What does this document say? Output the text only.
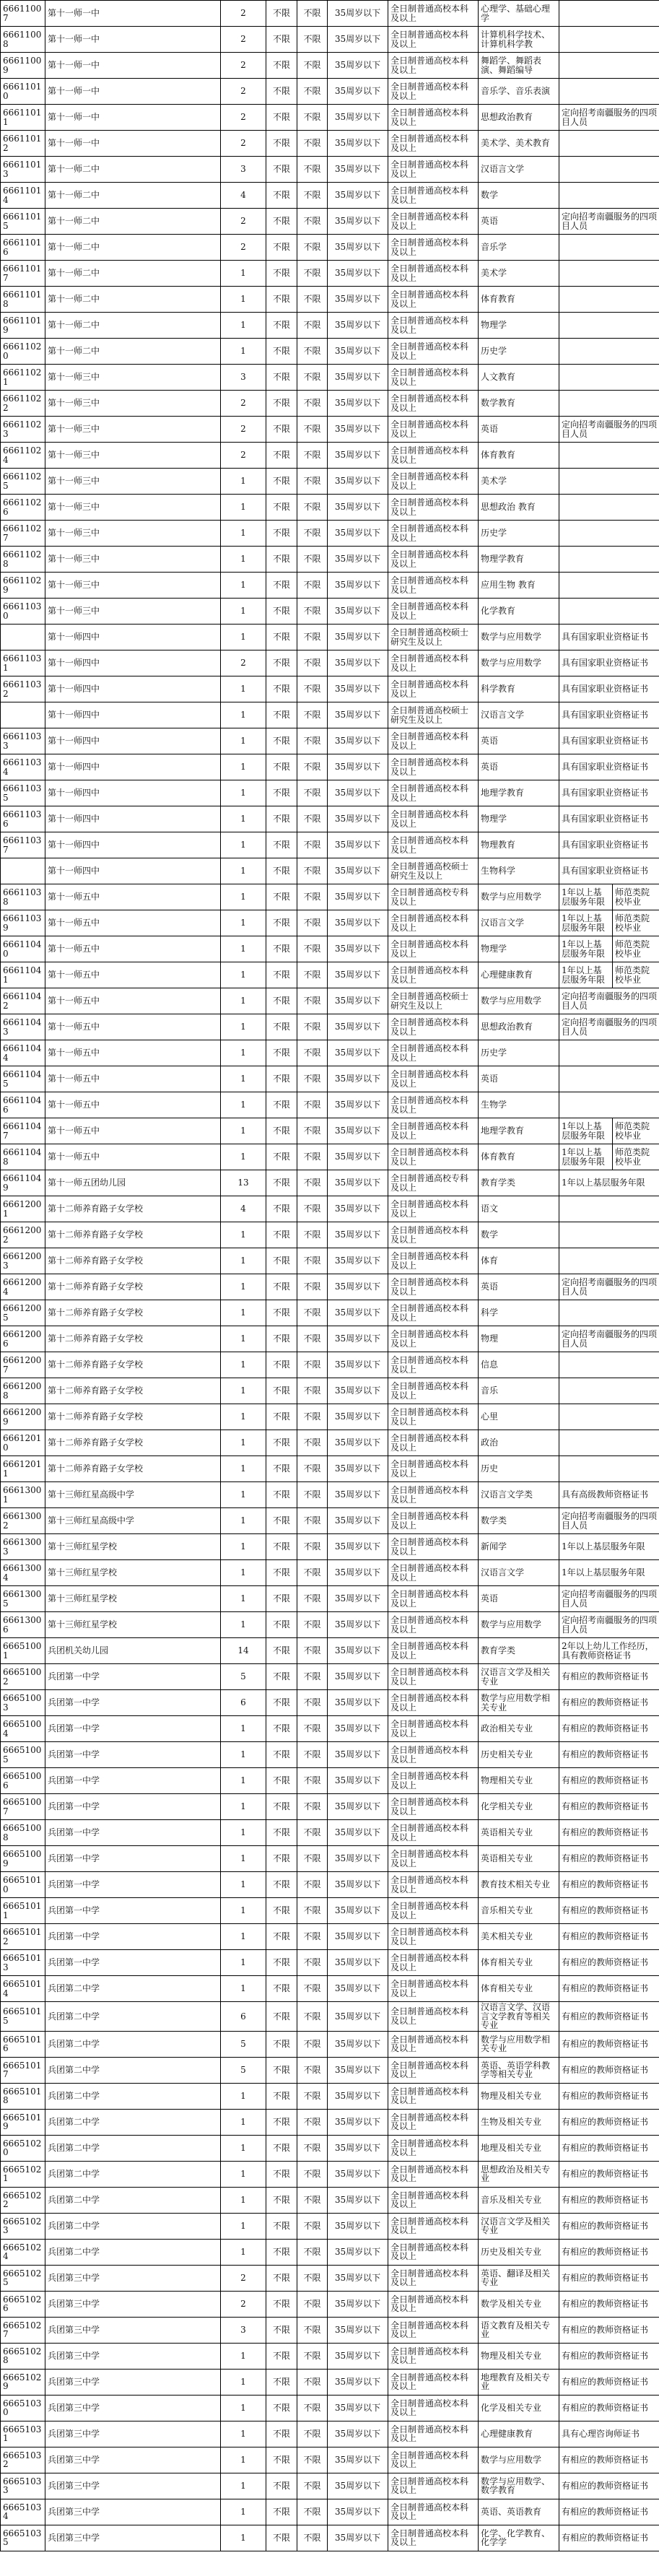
66611007	第十一师一中	2	不限	不限	35周岁以下	全日制普通高校本科及以上	心理学、基础心理学		
66611008	第十一师一中	2	不限	不限	35周岁以下	全日制普通高校本科及以上	计算机科学技术、计算机科学教		
66611009	第十一师一中	2	不限	不限	35周岁以下	全日制普通高校本科及以上	舞蹈学、舞蹈表演、舞蹈编导		
66611010	第十一师一中	2	不限	不限	35周岁以下	全日制普通高校本科及以上	音乐学、音乐表演		
66611011	第十一师一中	2	不限	不限	35周岁以下	全日制普通高校本科及以上	思想政治教育	定向招考南疆服务的四项目人员	
66611012	第十一师一中	2	不限	不限	35周岁以下	全日制普通高校本科及以上	美术学、美术教育		
66611013	第十一师二中	3	不限	不限	35周岁以下	全日制普通高校本科及以上	汉语言文学		
66611014	第十一师二中	4	不限	不限	35周岁以下	全日制普通高校本科及以上	数学		
66611015	第十一师二中	2	不限	不限	35周岁以下	全日制普通高校本科及以上	英语	定向招考南疆服务的四项目人员	
66611016	第十一师二中	2	不限	不限	35周岁以下	全日制普通高校本科及以上	音乐学		
66611017	第十一师二中	1	不限	不限	35周岁以下	全日制普通高校本科及以上	美术学		
66611018	第十一师二中	1	不限	不限	35周岁以下	全日制普通高校本科及以上	体育教育		
66611019	第十一师二中	1	不限	不限	35周岁以下	全日制普通高校本科及以上	物理学		
66611020	第十一师二中	1	不限	不限	35周岁以下	全日制普通高校本科及以上	历史学		
66611021	第十一师三中	3	不限	不限	35周岁以下	全日制普通高校本科及以上	人文教育		
66611022	第十一师三中	2	不限	不限	35周岁以下	全日制普通高校本科及以上	数学教育		
66611023	第十一师三中	2	不限	不限	35周岁以下	全日制普通高校本科及以上	英语	定向招考南疆服务的四项目人员	
66611024	第十一师三中	2	不限	不限	35周岁以下	全日制普通高校本科及以上	体育教育		
66611025	第十一师三中	1	不限	不限	35周岁以下	全日制普通高校本科及以上	美术学		
66611026	第十一师三中	1	不限	不限	35周岁以下	全日制普通高校本科及以上	思想政治 教育		
66611027	第十一师三中	1	不限	不限	35周岁以下	全日制普通高校本科及以上	历史学		
66611028	第十一师三中	1	不限	不限	35周岁以下	全日制普通高校本科及以上	物理学教育		
66611029	第十一师三中	1	不限	不限	35周岁以下	全日制普通高校本科及以上	应用生物 教育		
66611030	第十一师三中	1	不限	不限	35周岁以下	全日制普通高校本科及以上	化学教育		
	第十一师四中	1	不限	不限	35周岁以下	全日制普通高校硕士研究生及以上	数学与应用数学	具有国家职业资格证书	
66611031	第十一师四中	2	不限	不限	35周岁以下	全日制普通高校本科及以上	数学与应用数学	具有国家职业资格证书	
66611032	第十一师四中	1	不限	不限	35周岁以下	全日制普通高校本科及以上	科学教育	具有国家职业资格证书	
	第十一师四中	1	不限	不限	35周岁以下	全日制普通高校硕士研究生及以上	汉语言文学	具有国家职业资格证书	
66611033	第十一师四中	1	不限	不限	35周岁以下	全日制普通高校本科及以上	英语	具有国家职业资格证书	
66611034	第十一师四中	1	不限	不限	35周岁以下	全日制普通高校本科及以上	英语	具有国家职业资格证书	
66611035	第十一师四中	1	不限	不限	35周岁以下	全日制普通高校本科及以上	地理学教育	具有国家职业资格证书	
66611036	第十一师四中	1	不限	不限	35周岁以下	全日制普通高校本科及以上	物理学	具有国家职业资格证书	
66611037	第十一师四中	1	不限	不限	35周岁以下	全日制普通高校本科及以上	物理教育	具有国家职业资格证书	
	第十一师四中	1	不限	不限	35周岁以下	全日制普通高校硕士研究生及以上	生物科学	具有国家职业资格证书	
66611038	第十一师五中	1	不限	不限	35周岁以下	全日制普通高校专科及以上	数学与应用数学	1年以上基层服务年限	师范类院校毕业
66611039	第十一师五中	1	不限	不限	35周岁以下	全日制普通高校本科及以上	汉语言文学	1年以上基层服务年限	师范类院校毕业
66611040	第十一师五中	1	不限	不限	35周岁以下	全日制普通高校本科及以上	物理学	1年以上基层服务年限	师范类院校毕业
66611041	第十一师五中	1	不限	不限	35周岁以下	全日制普通高校本科及以上	心理健康教育	1年以上基层服务年限	师范类院校毕业
66611042	第十一师五中	1	不限	不限	35周岁以下	全日制普通高校硕士研究生及以上	数学与应用数学	定向招考南疆服务的四项目人员	
66611043	第十一师五中	1	不限	不限	35周岁以下	全日制普通高校本科及以上	思想政治教育	定向招考南疆服务的四项目人员	
66611044	第十一师五中	1	不限	不限	35周岁以下	全日制普通高校本科及以上	历史学		
66611045	第十一师五中	1	不限	不限	35周岁以下	全日制普通高校本科及以上	英语		
66611046	第十一师五中	1	不限	不限	35周岁以下	全日制普通高校本科及以上	生物学		
66611047	第十一师五中	1	不限	不限	35周岁以下	全日制普通高校本科及以上	地理学教育	1年以上基层服务年限	师范类院校毕业
66611048	第十一师五中	1	不限	不限	35周岁以下	全日制普通高校本科及以上	体育教育	1年以上基层服务年限	师范类院校毕业
66611049	第十一师五团幼儿园	13	不限	不限	35周岁以下	全日制普通高校专科及以上	教育学类	1年以上基层服务年限	
66612001	第十二师养育路子女学校	4	不限	不限	35周岁以下	全日制普通高校本科及以上	语文		
66612002	第十二师养育路子女学校	1	不限	不限	35周岁以下	全日制普通高校本科及以上	数学		
66612003	第十二师养育路子女学校	1	不限	不限	35周岁以下	全日制普通高校本科及以上	体育		
66612004	第十二师养育路子女学校	1	不限	不限	35周岁以下	全日制普通高校本科及以上	英语	定向招考南疆服务的四项目人员	
66612005	第十二师养育路子女学校	1	不限	不限	35周岁以下	全日制普通高校本科及以上	科学		
66612006	第十二师养育路子女学校	1	不限	不限	35周岁以下	全日制普通高校本科及以上	物理	定向招考南疆服务的四项目人员	
66612007	第十二师养育路子女学校	1	不限	不限	35周岁以下	全日制普通高校本科及以上	信息		
66612008	第十二师养育路子女学校	1	不限	不限	35周岁以下	全日制普通高校本科及以上	音乐		
66612009	第十二师养育路子女学校	1	不限	不限	35周岁以下	全日制普通高校本科及以上	心里		
66612010	第十二师养育路子女学校	1	不限	不限	35周岁以下	全日制普通高校本科及以上	政治		
66612011	第十二师养育路子女学校	1	不限	不限	35周岁以下	全日制普通高校本科及以上	历史		
66613001	第十三师红星高级中学	1	不限	不限	35周岁以下	全日制普通高校本科及以上	汉语言文学类	具有高级教师资格证书	
66613002	第十三师红星高级中学	1	不限	不限	35周岁以下	全日制普通高校本科及以上	数学类	定向招考南疆服务的四项目人员	
66613003	第十三师红星学校	1	不限	不限	35周岁以下	全日制普通高校本科及以上	新闻学	1年以上基层服务年限	
66613004	第十三师红星学校	1	不限	不限	35周岁以下	全日制普通高校本科及以上	汉语言文学	1年以上基层服务年限	
66613005	第十三师红星学校	1	不限	不限	35周岁以下	全日制普通高校本科及以上	英语	定向招考南疆服务的四项目人员	
66613006	第十三师红星学校	1	不限	不限	35周岁以下	全日制普通高校本科及以上	数学与应用数学	定向招考南疆服务的四项目人员	
66651001	兵团机关幼儿园	14	不限	不限	35周岁以下	全日制普通高校本科及以上	教育学类	2年以上幼儿工作经历，具有教师资格证书	
66651002	兵团第一中学	5	不限	不限	35周岁以下	全日制普通高校本科及以上	汉语言文学及相关专业	有相应的教师资格证书	
66651003	兵团第一中学	6	不限	不限	35周岁以下	全日制普通高校本科及以上	数学与应用数学相关专业	有相应的教师资格证书	
66651004	兵团第一中学	1	不限	不限	35周岁以下	全日制普通高校本科及以上	政治相关专业	有相应的教师资格证书	
66651005	兵团第一中学	1	不限	不限	35周岁以下	全日制普通高校本科及以上	历史相关专业	有相应的教师资格证书	
66651006	兵团第一中学	1	不限	不限	35周岁以下	全日制普通高校本科及以上	物理相关专业	有相应的教师资格证书	
66651007	兵团第一中学	1	不限	不限	35周岁以下	全日制普通高校本科及以上	化学相关专业	有相应的教师资格证书	
66651008	兵团第一中学	1	不限	不限	35周岁以下	全日制普通高校本科及以上	英语相关专业	有相应的教师资格证书	
66651009	兵团第一中学	1	不限	不限	35周岁以下	全日制普通高校本科及以上	英语相关专业	有相应的教师资格证书	
66651010	兵团第一中学	1	不限	不限	35周岁以下	全日制普通高校本科及以上	教育技术相关专业	有相应的教师资格证书	
66651011	兵团第一中学	1	不限	不限	35周岁以下	全日制普通高校本科及以上	音乐相关专业	有相应的教师资格证书	
66651012	兵团第一中学	1	不限	不限	35周岁以下	全日制普通高校本科及以上	美术相关专业	有相应的教师资格证书	
66651013	兵团第一中学	1	不限	不限	35周岁以下	全日制普通高校本科及以上	体育相关专业	有相应的教师资格证书	
66651014	兵团第二中学	1	不限	不限	35周岁以下	全日制普通高校本科及以上	体育相关专业	有相应的教师资格证书	
66651015	兵团第二中学	6	不限	不限	35周岁以下	全日制普通高校本科及以上	汉语言文学、汉语言文学教育等相关专业	有相应的教师资格证书	
66651016	兵团第二中学	5	不限	不限	35周岁以下	全日制普通高校本科及以上	数学与应用数学相关专业	有相应的教师资格证书	
66651017	兵团第二中学	5	不限	不限	35周岁以下	全日制普通高校本科及以上	英语、英语学科教学等相关专业	有相应的教师资格证书	
66651018	兵团第二中学	1	不限	不限	35周岁以下	全日制普通高校本科及以上	物理及相关专业	有相应的教师资格证书	
66651019	兵团第二中学	1	不限	不限	35周岁以下	全日制普通高校本科及以上	生物及相关专业	有相应的教师资格证书	
66651020	兵团第二中学	1	不限	不限	35周岁以下	全日制普通高校本科及以上	地理及相关专业	有相应的教师资格证书	
66651021	兵团第二中学	1	不限	不限	35周岁以下	全日制普通高校本科及以上	思想政治及相关专业	有相应的教师资格证书	
66651022	兵团第二中学	1	不限	不限	35周岁以下	全日制普通高校本科及以上	音乐及相关专业	有相应的教师资格证书	
66651023	兵团第二中学	1	不限	不限	35周岁以下	全日制普通高校本科及以上	汉语言文学及相关专业	有相应的教师资格证书	
66651024	兵团第二中学	1	不限	不限	35周岁以下	全日制普通高校本科及以上	历史及相关专业	有相应的教师资格证书	
66651025	兵团第三中学	2	不限	不限	35周岁以下	全日制普通高校本科及以上	英语、翻译及相关专业	有相应的教师资格证书	
66651026	兵团第三中学	2	不限	不限	35周岁以下	全日制普通高校本科及以上	数学及相关专业	有相应的教师资格证书	
66651027	兵团第三中学	3	不限	不限	35周岁以下	全日制普通高校本科及以上	语文教育及相关专业	有相应的教师资格证书	
66651028	兵团第三中学	1	不限	不限	35周岁以下	全日制普通高校本科及以上	物理及相关专业	有相应的教师资格证书	
66651029	兵团第三中学	1	不限	不限	35周岁以下	全日制普通高校本科及以上	地理教育及相关专业	有相应的教师资格证书	
66651030	兵团第三中学	1	不限	不限	35周岁以下	全日制普通高校本科及以上	化学及相关专业	有相应的教师资格证书	
66651031	兵团第三中学	1	不限	不限	35周岁以下	全日制普通高校本科及以上	心理健康教育	具有心理咨询师证书	
66651032	兵团第三中学	1	不限	不限	35周岁以下	全日制普通高校本科及以上	数学与应用数学	有相应的教师资格证书	
66651033	兵团第三中学	1	不限	不限	35周岁以下	全日制普通高校本科及以上	数学与应用数学、数学教育	有相应的教师资格证书	
66651034	兵团第三中学	1	不限	不限	35周岁以下	全日制普通高校本科及以上	英语、英语教育	有相应的教师资格证书	
66651035	兵团第三中学	1	不限	不限	35周岁以下	全日制普通高校本科及以上	化学、化学教育、化学学	有相应的教师资格证书	
